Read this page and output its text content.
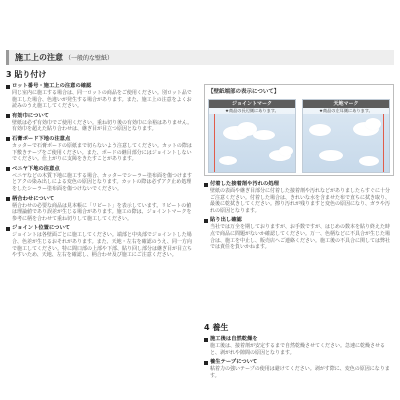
施工上の注意 （一般的な壁紙）
3 貼り付け
ロット番号・施工上の注意の確認
同じ室内に施工する場合は、同一ロットの商品をご使用ください。別ロット品で施工した場合、色違いが発生する場合があります。また、施工上の注意をよくお読みのうえ施工してください。
有効巾について
壁紙は必ず有効巾でご使用ください。重ね切り後の有効巾に余裕はありません。有効巾を超えた貼り合わせは、継ぎ目が目立つ原因となります。
石膏ボード下地の注意点
カッターで石膏ボードの原紙まで切らないよう注意してください。カットの際は下敷きテープをご使用ください。また、ボードの継目部分にはジョイントしないでください。仕上がりに支障をきたすことがあります。
ベニヤ下地の注意点
ベニヤなどの木質下地に施工する場合、カッターでシーラー塗布面を傷つけますとアクの染み出しによる変色の原因となります。カットの際は必ずアク止め処理をしたシーラー塗布面を傷つけないでください。
柄合わせについて
柄合わせの必要な商品は見本帳に「リピート」を表示しています。リピートの値は理論値であり誤差が生じる場合があります。施工の際は、ジョイントマークを参考に柄を合わせて重ね切りして施工してください。
ジョイント位置について
ジョイントは各壁面ごとに施工してください。端部と中央部でジョイントした場合、色差が生じるおそれがあります。また、天地・左右を確認のうえ、同一方向で施工してください。特に間口部の上部や下部、貼り回し部分は継ぎ目が目立ちやすいため、天地、左右を確認し、柄合わせ及び施工にご注意ください。
【壁紙端部の表示について】
ジョイントマーク
★商品の長辺側にあります。
天地マーク
★商品の左耳側にあります。
付着した接着剤や汚れの処理
壁紙の表面や継ぎ目部分に付着した接着剤や汚れなどがありましたらすぐに十分ご注意ください。付着した場合は、きれいな水を含ませた布で直ちに拭き取り、最後に乾拭きしてください。擦り汚れが残りますと変色の原因になり、ガラや汚れの原因となります。
貼り出し確認
当社では万全を期しておりますが、お手数ですが、はじめの数本を貼り終えた時点で商品に問題がないか確認してください。万一、色柄などに不具合が生じた場合は、施工を中止し、販売店へご連絡ください。施工後の不具合に関しては弊社では責任を負いかねます。
4 養生
施工後は自然乾燥を
施工後は、接着剤が安定するまで自然乾燥させてください。急速に乾燥させると、剥がれや隙間の原因となります。
養生テープについて
粘着力の強いテープの使用は避けてください。剥がす際に、変色の原因になります。
